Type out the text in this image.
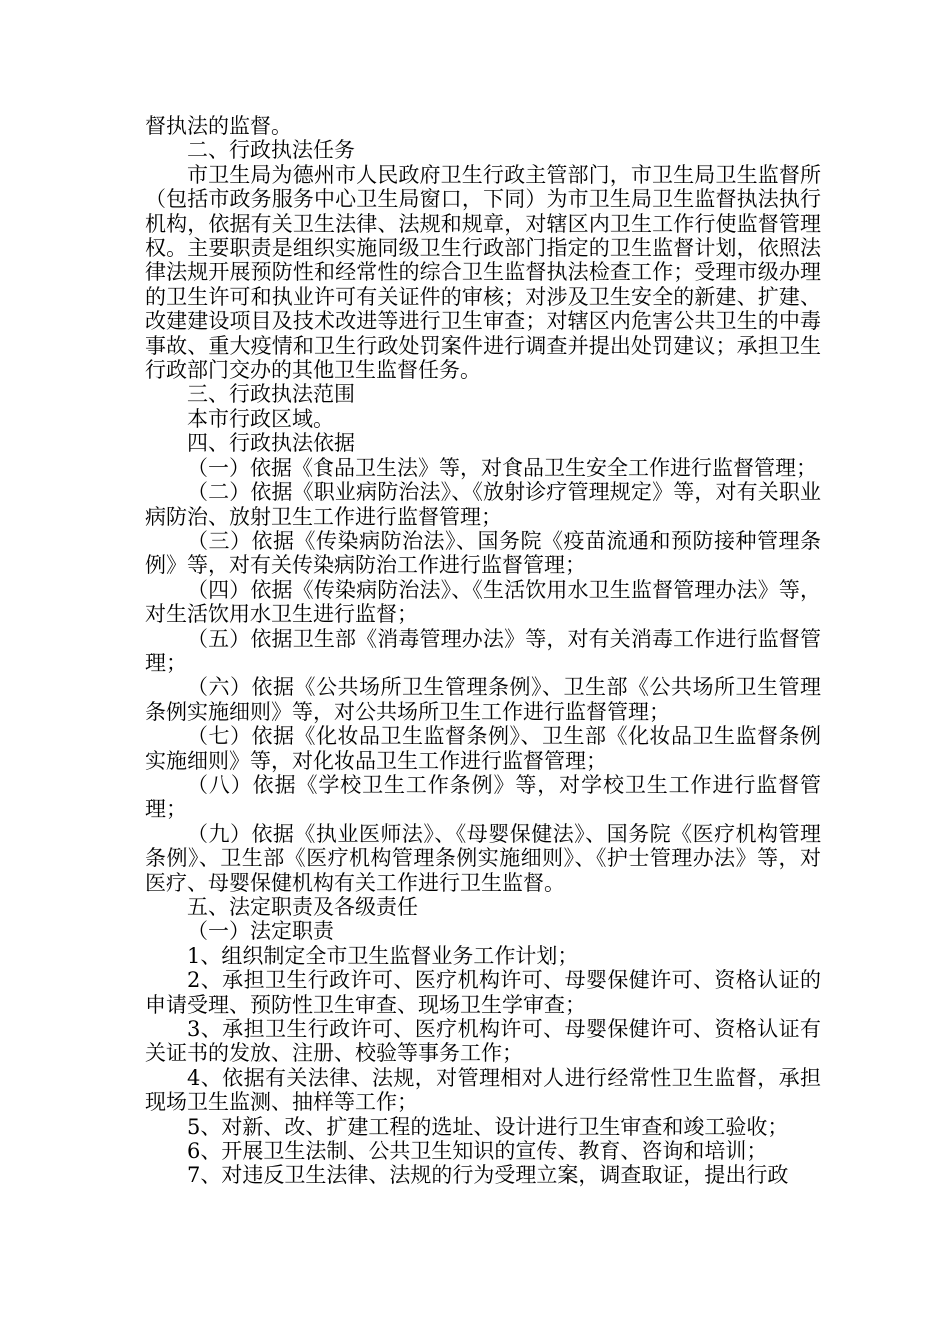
督执法的监督。

二、行政执法任务

市卫生局为德州市人民政府卫生行政主管部门，市卫生局卫生监督所（包括市政务服务中心卫生局窗口，下同）为市卫生局卫生监督执法执行机构，依据有关卫生法律、法规和规章，对辖区内卫生工作行使监督管理权。主要职责是组织实施同级卫生行政部门指定的卫生监督计划，依照法律法规开展预防性和经常性的综合卫生监督执法检查工作；受理市级办理的卫生许可和执业许可有关证件的审核；对涉及卫生安全的新建、扩建、改建建设项目及技术改进等进行卫生审查；对辖区内危害公共卫生的中毒事故、重大疫情和卫生行政处罚案件进行调查并提出处罚建议；承担卫生行政部门交办的其他卫生监督任务。

三、行政执法范围

本市行政区域。

四、行政执法依据

（一）依据《食品卫生法》等，对食品卫生安全工作进行监督管理；

（二）依据《职业病防治法》、《放射诊疗管理规定》等，对有关职业病防治、放射卫生工作进行监督管理；

（三）依据《传染病防治法》、国务院《疫苗流通和预防接种管理条例》等，对有关传染病防治工作进行监督管理；

（四）依据《传染病防治法》、《生活饮用水卫生监督管理办法》等，对生活饮用水卫生进行监督；

（五）依据卫生部《消毒管理办法》等，对有关消毒工作进行监督管理；

（六）依据《公共场所卫生管理条例》、卫生部《公共场所卫生管理条例实施细则》等，对公共场所卫生工作进行监督管理；

（七）依据《化妆品卫生监督条例》、卫生部《化妆品卫生监督条例实施细则》等，对化妆品卫生工作进行监督管理；

（八）依据《学校卫生工作条例》等，对学校卫生工作进行监督管理；

（九）依据《执业医师法》、《母婴保健法》、国务院《医疗机构管理条例》、卫生部《医疗机构管理条例实施细则》、《护士管理办法》等，对医疗、母婴保健机构有关工作进行卫生监督。

五、法定职责及各级责任

（一）法定职责

1、组织制定全市卫生监督业务工作计划；

2、承担卫生行政许可、医疗机构许可、母婴保健许可、资格认证的申请受理、预防性卫生审查、现场卫生学审查；

3、承担卫生行政许可、医疗机构许可、母婴保健许可、资格认证有关证书的发放、注册、校验等事务工作；

4、依据有关法律、法规，对管理相对人进行经常性卫生监督，承担现场卫生监测、抽样等工作；

5、对新、改、扩建工程的选址、设计进行卫生审查和竣工验收；

6、开展卫生法制、公共卫生知识的宣传、教育、咨询和培训；

7、对违反卫生法律、法规的行为受理立案，调查取证，提出行政
